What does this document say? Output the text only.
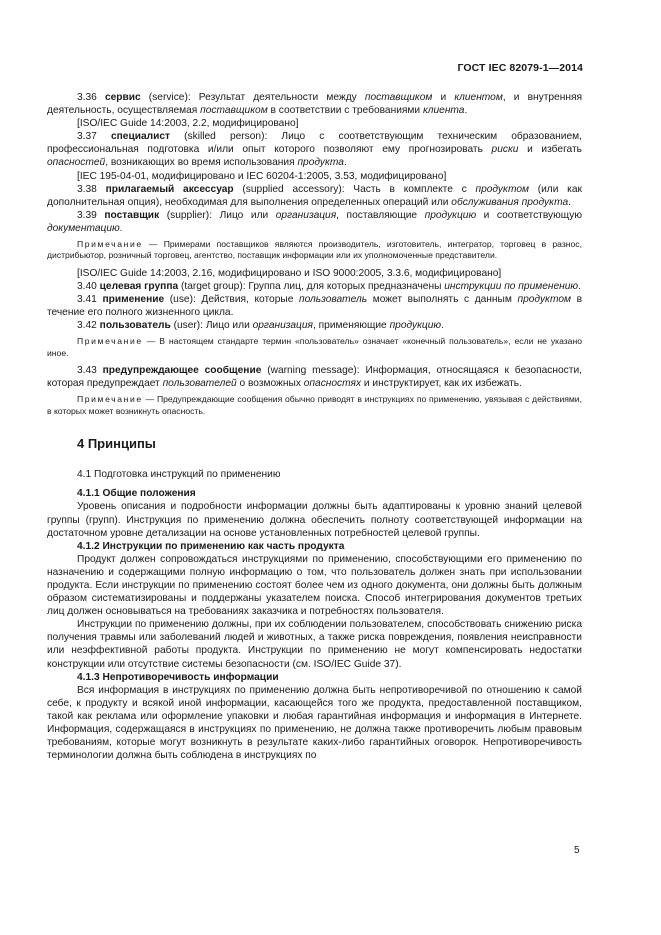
ГОСТ IEC 82079-1—2014

3.36 сервис (service): Результат деятельности между поставщиком и клиентом, и внутренняя деятельность, осуществляемая поставщиком в соответствии с требованиями клиента.

[ISO/IEC Guide 14:2003, 2.2, модифицировано]

3.37 специалист (skilled person): Лицо с соответствующим техническим образованием, профессиональная подготовка и/или опыт которого позволяют ему прогнозировать риски и избегать опасностей, возникающих во время использования продукта.

[IEC 195-04-01, модифицировано и IEC 60204-1:2005, 3.53, модифицировано]

3.38 прилагаемый аксессуар (supplied accessory): Часть в комплекте с продуктом (или как дополнительная опция), необходимая для выполнения определенных операций или обслуживания продукта.

3.39 поставщик (supplier): Лицо или организация, поставляющие продукцию и соответствующую документацию.

Примечание — Примерами поставщиков являются производитель, изготовитель, интегратор, торговец в разнос, дистрибьютор, розничный торговец, агентство, поставщик информации или их уполномоченные представители.

[ISO/IEC Guide 14:2003, 2.16, модифицировано и ISO 9000:2005, 3.3.6, модифицировано]

3.40 целевая группа (target group): Группа лиц, для которых предназначены инструкции по применению.

3.41 применение (use): Действия, которые пользователь может выполнять с данным продуктом в течение его полного жизненного цикла.

3.42 пользователь (user): Лицо или организация, применяющие продукцию.

Примечание — В настоящем стандарте термин «пользователь» означает «конечный пользователь», если не указано иное.

3.43 предупреждающее сообщение (warning message): Информация, относящаяся к безопасности, которая предупреждает пользователей о возможных опасностях и инструктирует, как их избежать.

Примечание — Предупреждающие сообщения обычно приводят в инструкциях по применению, увязывая с действиями, в которых может возникнуть опасность.

4 Принципы

4.1 Подготовка инструкций по применению

4.1.1 Общие положения

Уровень описания и подробности информации должны быть адаптированы к уровню знаний целевой группы (групп). Инструкция по применению должна обеспечить полноту соответствующей информации на достаточном уровне детализации на основе установленных потребностей целевой группы.

4.1.2 Инструкции по применению как часть продукта

Продукт должен сопровождаться инструкциями по применению, способствующими его применению по назначению и содержащими полную информацию о том, что пользователь должен знать при использовании продукта. Если инструкции по применению состоят более чем из одного документа, они должны быть должным образом систематизированы и поддержаны указателем поиска. Способ интегрирования документов третьих лиц должен основываться на требованиях заказчика и потребностях пользователя.

Инструкции по применению должны, при их соблюдении пользователем, способствовать снижению риска получения травмы или заболеваний людей и животных, а также риска повреждения, появления неисправности или неэффективной работы продукта. Инструкции по применению не могут компенсировать недостатки конструкции или отсутствие системы безопасности (см. ISO/IEC Guide 37).

4.1.3 Непротиворечивость информации

Вся информация в инструкциях по применению должна быть непротиворечивой по отношению к самой себе, к продукту и всякой иной информации, касающейся того же продукта, предоставленной поставщиком, такой как реклама или оформление упаковки и любая гарантийная информация и информация в Интернете. Информация, содержащаяся в инструкциях по применению, не должна также противоречить любым правовым требованиям, которые могут возникнуть в результате каких-либо гарантийных оговорок. Непротиворечивость терминологии должна быть соблюдена в инструкциях по

5
